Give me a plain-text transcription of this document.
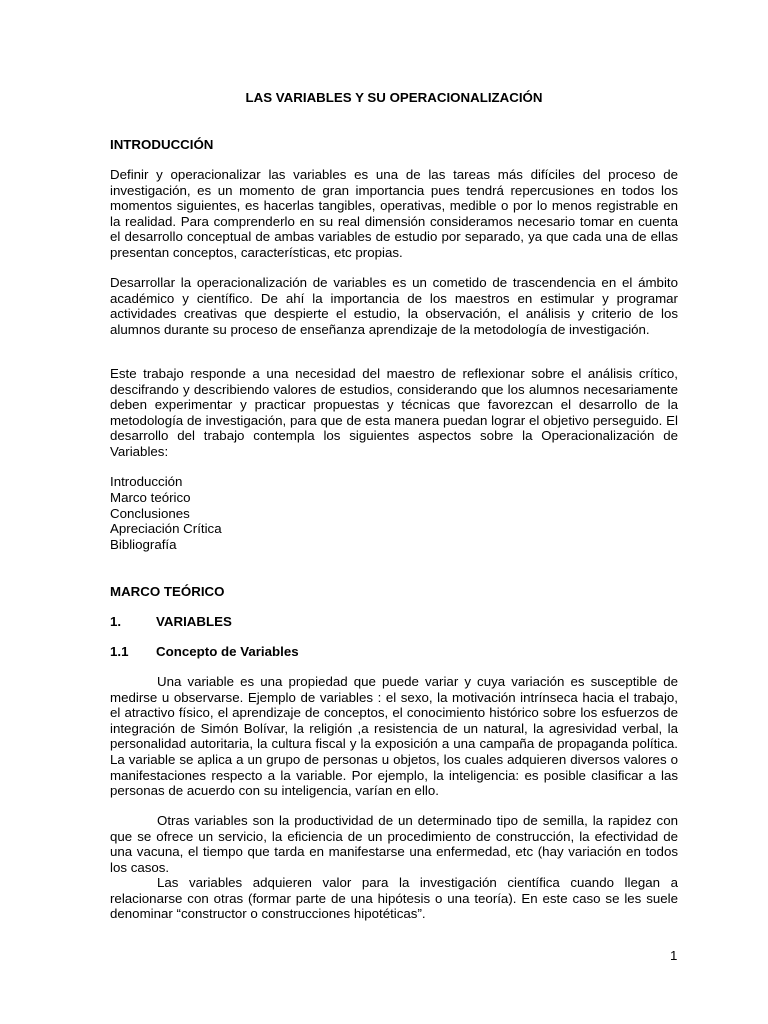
LAS VARIABLES Y SU OPERACIONALIZACIÓN
INTRODUCCIÓN

Definir y operacionalizar las variables es una de las tareas más difíciles del proceso de investigación, es un momento de gran importancia pues tendrá repercusiones en todos los momentos siguientes, es hacerlas tangibles, operativas, medible o por lo menos registrable en la realidad. Para comprenderlo en su real dimensión consideramos necesario tomar en cuenta el desarrollo conceptual de ambas variables de estudio por separado, ya que cada una de ellas presentan conceptos, características, etc propias.

Desarrollar la operacionalización de variables es un cometido de trascendencia en el ámbito académico y científico. De ahí la importancia de los maestros en estimular y programar actividades creativas que despierte el estudio, la observación, el análisis y criterio de los alumnos durante su proceso de enseñanza aprendizaje de la metodología de investigación.

Este trabajo responde a una necesidad del maestro de reflexionar sobre el análisis crítico, descifrando y describiendo valores de estudios, considerando que los alumnos necesariamente deben experimentar y practicar propuestas y técnicas que favorezcan el desarrollo de la metodología de investigación, para que de esta manera puedan lograr el objetivo perseguido. El desarrollo del trabajo contempla los siguientes aspectos sobre la Operacionalización de Variables:

Introducción
Marco teórico
Conclusiones
Apreciación Crítica
Bibliografía
MARCO TEÓRICO
1.	VARIABLES
1.1 Concepto de Variables

Una variable es una propiedad que puede variar y cuya variación es susceptible de medirse u observarse. Ejemplo de variables : el sexo, la motivación intrínseca hacia el trabajo, el atractivo físico, el aprendizaje de conceptos, el conocimiento histórico sobre los esfuerzos de integración de Simón Bolívar, la religión ,a resistencia de un natural, la agresividad verbal, la personalidad autoritaria, la cultura fiscal y la exposición a una campaña de propaganda política. La variable se aplica a un grupo de personas u objetos, los cuales adquieren diversos valores o manifestaciones respecto a la variable. Por ejemplo, la inteligencia: es posible clasificar a las personas de acuerdo con su inteligencia, varían en ello.

Otras variables son la productividad de un determinado tipo de semilla, la rapidez con que se ofrece un servicio, la eficiencia de un procedimiento de construcción, la efectividad de una vacuna, el tiempo que tarda en manifestarse una enfermedad, etc (hay variación en todos los casos.

Las variables adquieren valor para la investigación científica cuando llegan a relacionarse con otras (formar parte de una hipótesis o una teoría). En este caso se les suele denominar “constructor o construcciones hipotéticas”.

1
